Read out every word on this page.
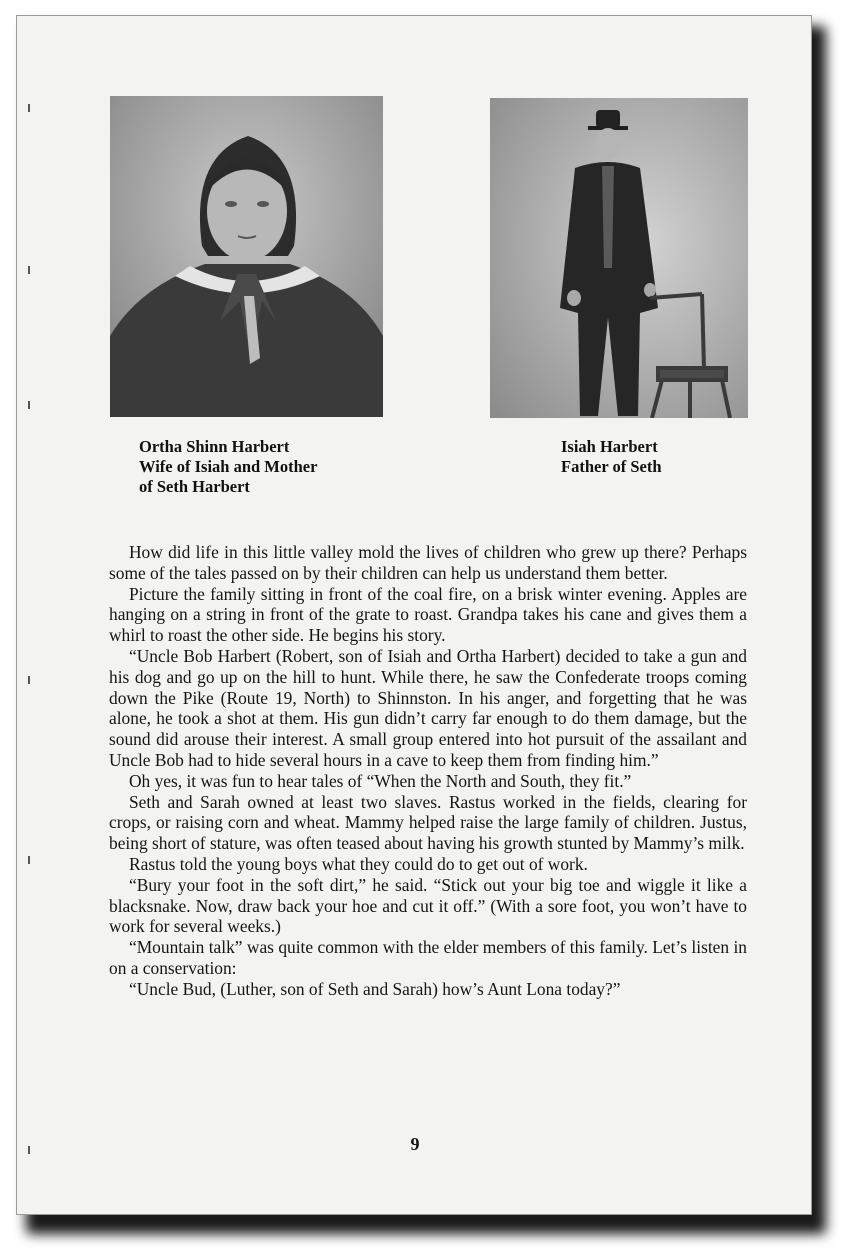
Ortha Shinn Harbert
Wife of Isiah and Mother
of Seth Harbert
Isiah Harbert
Father of Seth

How did life in this little valley mold the lives of children who grew up there? Perhaps some of the tales passed on by their children can help us understand them better.

Picture the family sitting in front of the coal fire, on a brisk winter evening. Apples are hanging on a string in front of the grate to roast. Grandpa takes his cane and gives them a whirl to roast the other side. He begins his story.

“Uncle Bob Harbert (Robert, son of Isiah and Ortha Harbert) decided to take a gun and his dog and go up on the hill to hunt. While there, he saw the Confederate troops coming down the Pike (Route 19, North) to Shinnston. In his anger, and forgetting that he was alone, he took a shot at them. His gun didn’t carry far enough to do them damage, but the sound did arouse their interest. A small group entered into hot pursuit of the assailant and Uncle Bob had to hide several hours in a cave to keep them from finding him.”

Oh yes, it was fun to hear tales of “When the North and South, they fit.”

Seth and Sarah owned at least two slaves. Rastus worked in the fields, clearing for crops, or raising corn and wheat. Mammy helped raise the large family of children. Justus, being short of stature, was often teased about having his growth stunted by Mammy’s milk.

Rastus told the young boys what they could do to get out of work.

“Bury your foot in the soft dirt,” he said. “Stick out your big toe and wiggle it like a blacksnake. Now, draw back your hoe and cut it off.” (With a sore foot, you won’t have to work for several weeks.)

“Mountain talk” was quite common with the elder members of this family. Let’s listen in on a conservation:

“Uncle Bud, (Luther, son of Seth and Sarah) how’s Aunt Lona today?”

9
